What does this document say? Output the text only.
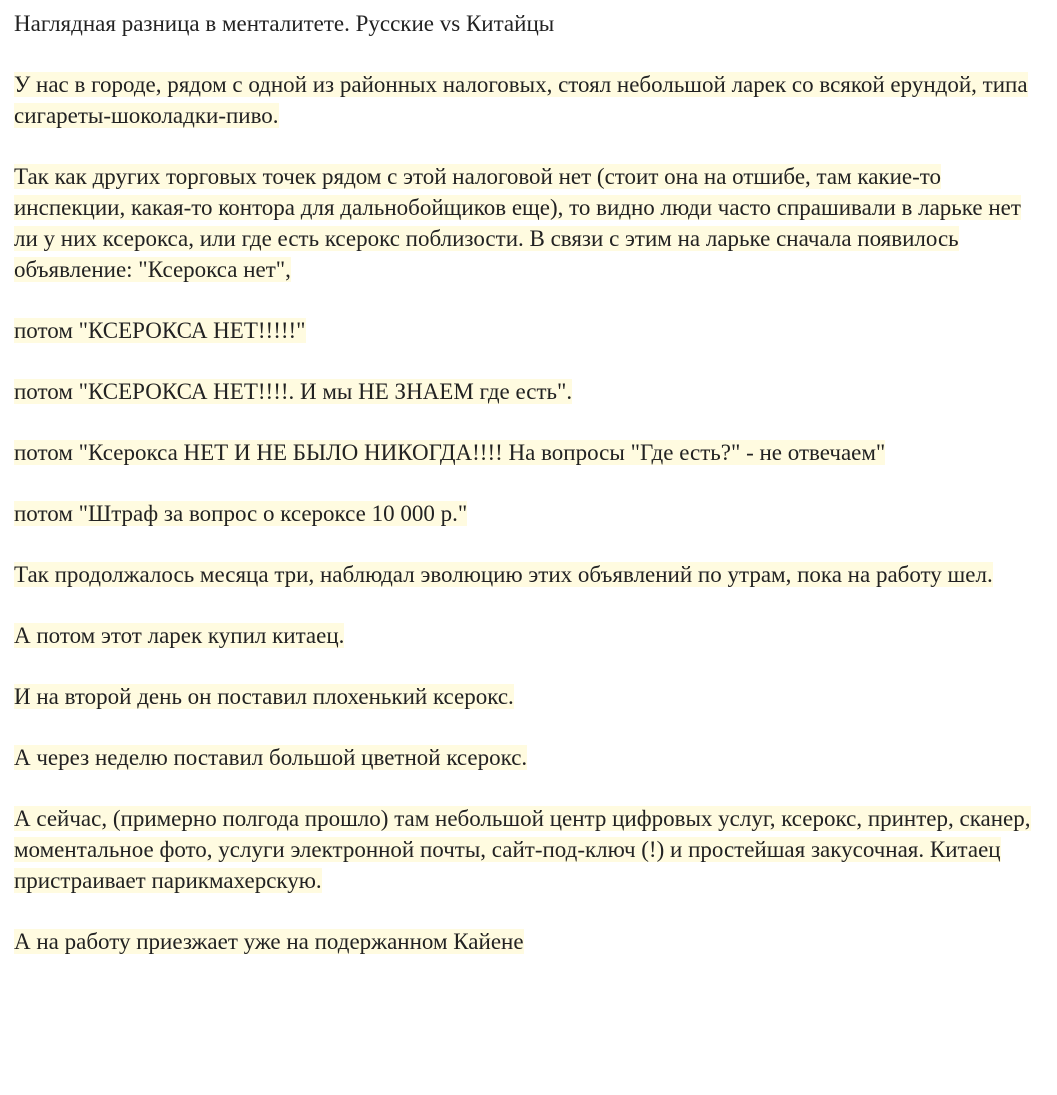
Наглядная разница в менталитете. Русские vs Китайцы

У нас в городе, рядом с одной из районных налоговых, стоял небольшой ларек со всякой ерундой, типа сигареты-шоколадки-пиво.

Так как других торговых точек рядом с этой налоговой нет (стоит она на отшибе, там какие-то инспекции, какая-то контора для дальнобойщиков еще), то видно люди часто спрашивали в ларьке нет ли у них ксерокса, или где есть ксерокс поблизости. В связи с этим на ларьке сначала появилось объявление: "Ксерокса нет",

потом "КСЕРОКСА НЕТ!!!!!"

потом "КСЕРОКСА НЕТ!!!!. И мы НЕ ЗНАЕМ где есть".

потом "Ксерокса НЕТ И НЕ БЫЛО НИКОГДА!!!! На вопросы "Где есть?" - не отвечаем"

потом "Штраф за вопрос о ксероксе 10 000 р."

Так продолжалось месяца три, наблюдал эволюцию этих объявлений по утрам, пока на работу шел.

А потом этот ларек купил китаец.

И на второй день он поставил плохенький ксерокс.

А через неделю поставил большой цветной ксерокс.

А сейчас, (примерно полгода прошло) там небольшой центр цифровых услуг, ксерокс, принтер, сканер, моментальное фото, услуги электронной почты, сайт-под-ключ (!) и простейшая закусочная. Китаец пристраивает парикмахерскую.

А на работу приезжает уже на подержанном Кайене
